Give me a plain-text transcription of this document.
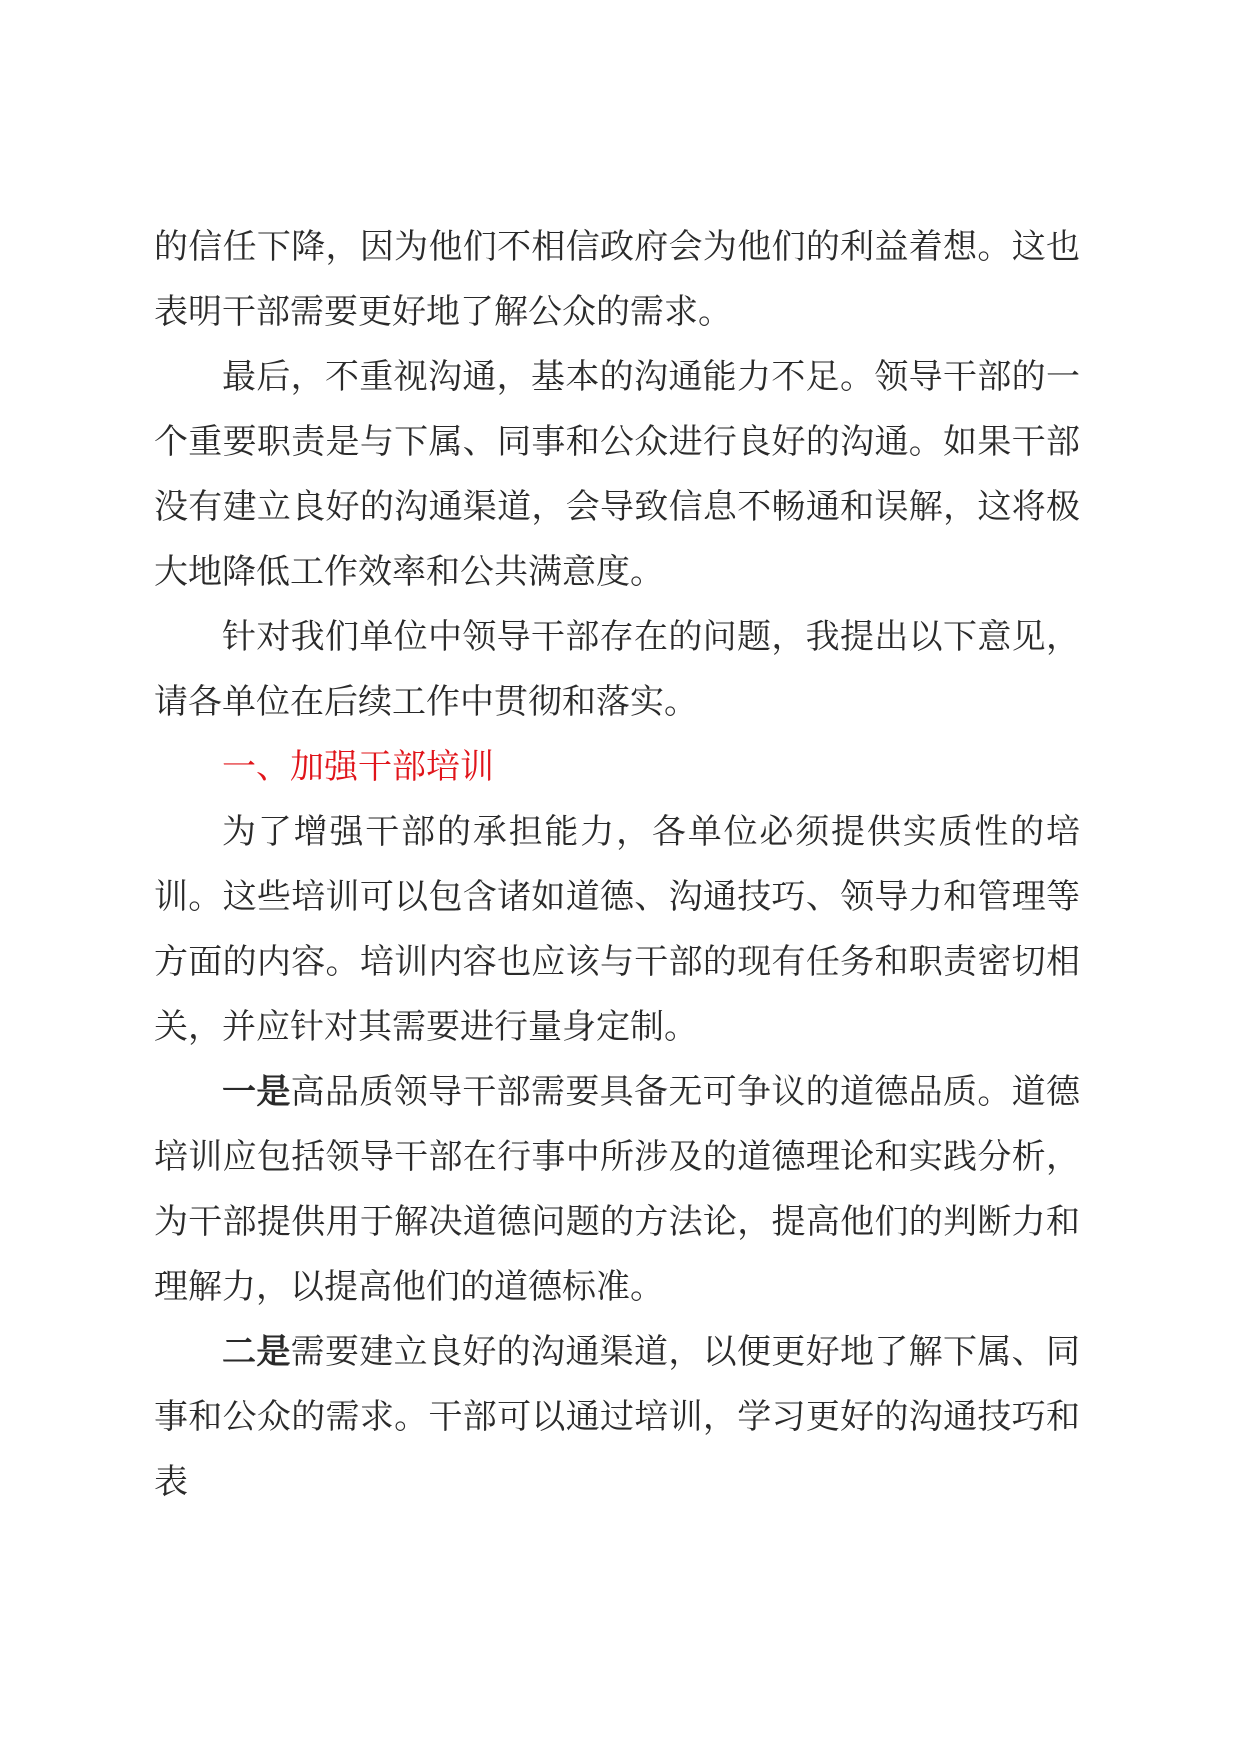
的信任下降，因为他们不相信政府会为他们的利益着想。这也表明干部需要更好地了解公众的需求。

最后，不重视沟通，基本的沟通能力不足。领导干部的一个重要职责是与下属、同事和公众进行良好的沟通。如果干部没有建立良好的沟通渠道，会导致信息不畅通和误解，这将极大地降低工作效率和公共满意度。

针对我们单位中领导干部存在的问题，我提出以下意见，请各单位在后续工作中贯彻和落实。

一、加强干部培训

为了增强干部的承担能力，各单位必须提供实质性的培训。这些培训可以包含诸如道德、沟通技巧、领导力和管理等方面的内容。培训内容也应该与干部的现有任务和职责密切相关，并应针对其需要进行量身定制。

一是高品质领导干部需要具备无可争议的道德品质。道德培训应包括领导干部在行事中所涉及的道德理论和实践分析，为干部提供用于解决道德问题的方法论，提高他们的判断力和理解力，以提高他们的道德标准。

二是需要建立良好的沟通渠道，以便更好地了解下属、同事和公众的需求。干部可以通过培训，学习更好的沟通技巧和表
